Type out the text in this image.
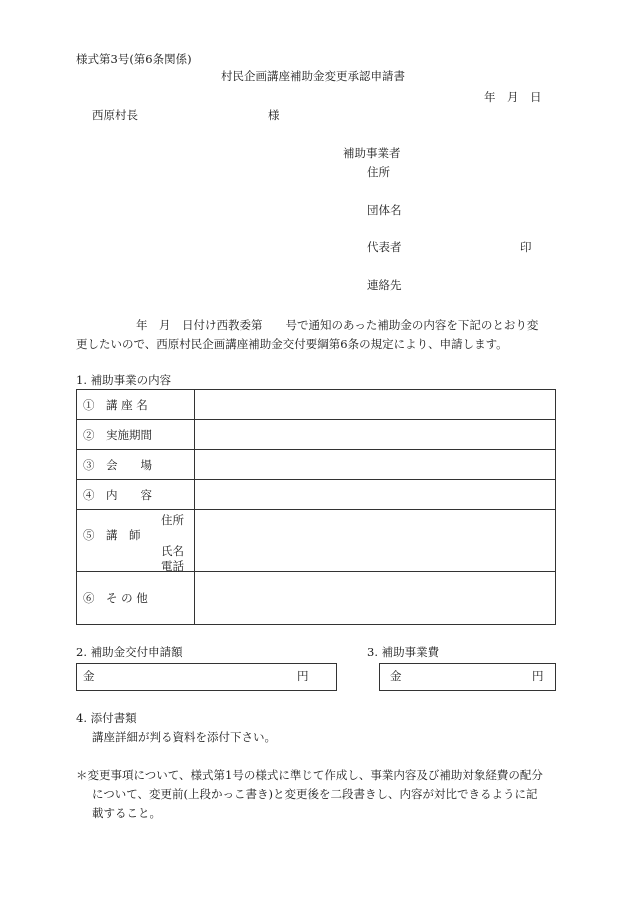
様式第3号(第6条関係)
村民企画講座補助金変更承認申請書
年　月　日
西原村長	様
補助事業者
住所
団体名
代表者	印
連絡先
年　月　日付け西教委第　　号で通知のあった補助金の内容を下記のとおり変
更したいので、西原村民企画講座補助金交付要綱第6条の規定により、申請します。
1. 補助事業の内容
①　講 座 名	
②　実施期間	
③　会　　場	
④　内　　容	

⑤　講　師
住所
氏名
電話	

⑥　そ の 他	
2. 補助金交付申請額
金	円
3. 補助事業費
金	円
4. 添付書類
講座詳細が判る資料を添付下さい。
＊変更事項について、様式第1号の様式に準じて作成し、事業内容及び補助対象経費の配分
について、変更前(上段かっこ書き)と変更後を二段書きし、内容が対比できるように記
載すること。
